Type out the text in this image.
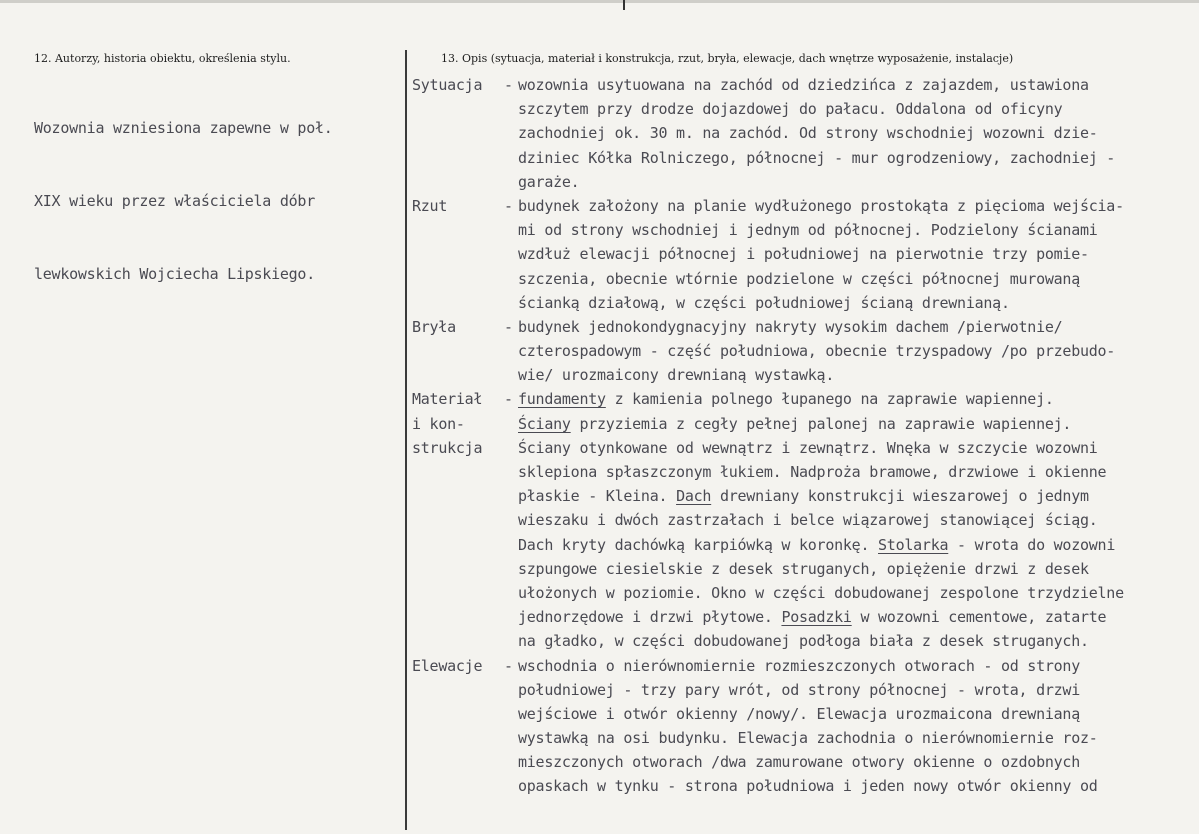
12. Autorzy, historia obiektu, określenia stylu.	13. Opis (sytuacja, materiał i konstrukcja, rzut, bryła, elewacje, dach wnętrze wyposażenie, instalacje)

Wozownia wzniesiona zapewne w poł.

XIX wieku przez właściciela dóbr

lewkowskich Wojciecha Lipskiego.

Sytuacja	- wozownia usytuowana na zachód od dziedzińca z zajazdem, ustawiona
szczytem przy drodze dojazdowej do pałacu. Oddalona od oficyny
zachodniej ok. 30 m. na zachód. Od strony wschodniej wozowni dzie-
dziniec Kółka Rolniczego, północnej - mur ogrodzeniowy, zachodniej -
garaże.
Rzut	- budynek założony na planie wydłużonego prostokąta z pięcioma wejścia-
mi od strony wschodniej i jednym od północnej. Podzielony ścianami
wzdłuż elewacji północnej i południowej na pierwotnie trzy pomie-
szczenia, obecnie wtórnie podzielone w części północnej murowaną
ścianką działową, w części południowej ścianą drewnianą.
Bryła	- budynek jednokondygnacyjny nakryty wysokim dachem /pierwotnie/
czterospadowym - część południowa, obecnie trzyspadowy /po przebudo-
wie/ urozmaicony drewnianą wystawką.
Materiał
i kon-
strukcja
- fundamenty z kamienia polnego łupanego na zaprawie wapiennej.
Ściany przyziemia z cegły pełnej palonej na zaprawie wapiennej.
Ściany otynkowane od wewnątrz i zewnątrz. Wnęka w szczycie wozowni
sklepiona spłaszczonym łukiem. Nadproża bramowe, drzwiowe i okienne
płaskie - Kleina. Dach drewniany konstrukcji wieszarowej o jednym
wieszaku i dwóch zastrzałach i belce wiązarowej stanowiącej ściąg.
Dach kryty dachówką karpiówką w koronkę. Stolarka - wrota do wozowni
szpungowe ciesielskie z desek struganych, opiężenie drzwi z desek
ułożonych w poziomie. Okno w części dobudowanej zespolone trzydzielne
jednorzędowe i drzwi płytowe. Posadzki w wozowni cementowe, zatarte
na gładko, w części dobudowanej podłoga biała z desek struganych.
Elewacje	- wschodnia o nierównomiernie rozmieszczonych otworach - od strony
południowej - trzy pary wrót, od strony północnej - wrota, drzwi
wejściowe i otwór okienny /nowy/. Elewacja urozmaicona drewnianą
wystawką na osi budynku. Elewacja zachodnia o nierównomiernie roz-
mieszczonych otworach /dwa zamurowane otwory okienne o ozdobnych
opaskach w tynku - strona południowa i jeden nowy otwór okienny od
